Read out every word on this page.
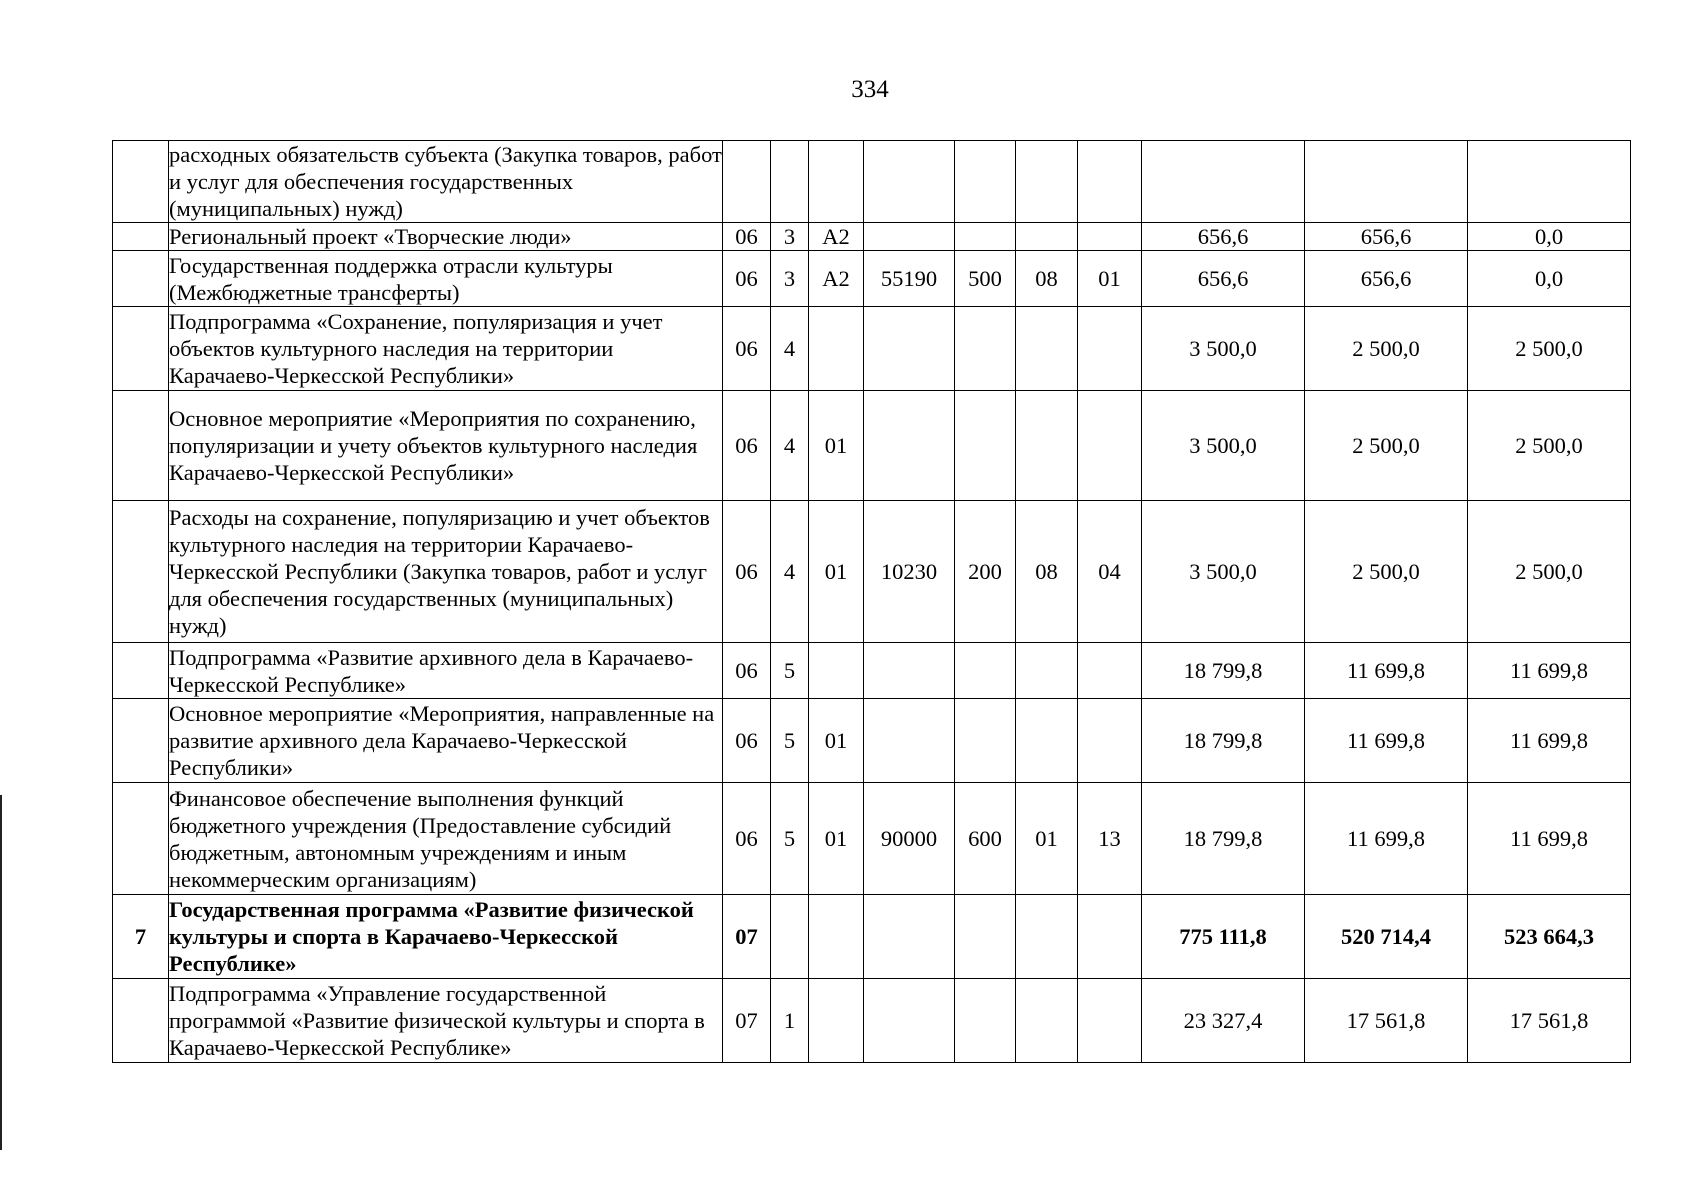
334
	расходных обязательств субъекта (Закупка товаров, работ и услуг для обеспечения государственных (муниципальных) нужд)										
	Региональный проект «Творческие люди»	06	3	А2					656,6	656,6	0,0
	Государственная поддержка отрасли культуры (Межбюджетные трансферты)	06	3	А2	55190	500	08	01	656,6	656,6	0,0
	Подпрограмма «Сохранение, популяризация и учет объектов культурного наследия на территории Карачаево-Черкесской Республики»	06	4						3 500,0	2 500,0	2 500,0
	Основное мероприятие «Мероприятия по сохранению, популяризации и учету объектов культурного наследия Карачаево-Черкесской Республики»	06	4	01					3 500,0	2 500,0	2 500,0
	Расходы на сохранение, популяризацию и учет объектов культурного наследия на территории Карачаево-Черкесской Республики (Закупка товаров, работ и услуг для обеспечения государственных (муниципальных) нужд)	06	4	01	10230	200	08	04	3 500,0	2 500,0	2 500,0
	Подпрограмма «Развитие архивного дела в Карачаево-Черкесской Республике»	06	5						18 799,8	11 699,8	11 699,8
	Основное мероприятие «Мероприятия, направленные на развитие архивного дела Карачаево-Черкесской Республики»	06	5	01					18 799,8	11 699,8	11 699,8
	Финансовое обеспечение выполнения функций бюджетного учреждения (Предоставление субсидий бюджетным, автономным учреждениям и иным некоммерческим организациям)	06	5	01	90000	600	01	13	18 799,8	11 699,8	11 699,8
7	Государственная программа «Развитие физической культуры и спорта в Карачаево-Черкесской Республике»	07							775 111,8	520 714,4	523 664,3
	Подпрограмма «Управление государственной программой «Развитие физической культуры и спорта в Карачаево-Черкесской Республике»	07	1						23 327,4	17 561,8	17 561,8
